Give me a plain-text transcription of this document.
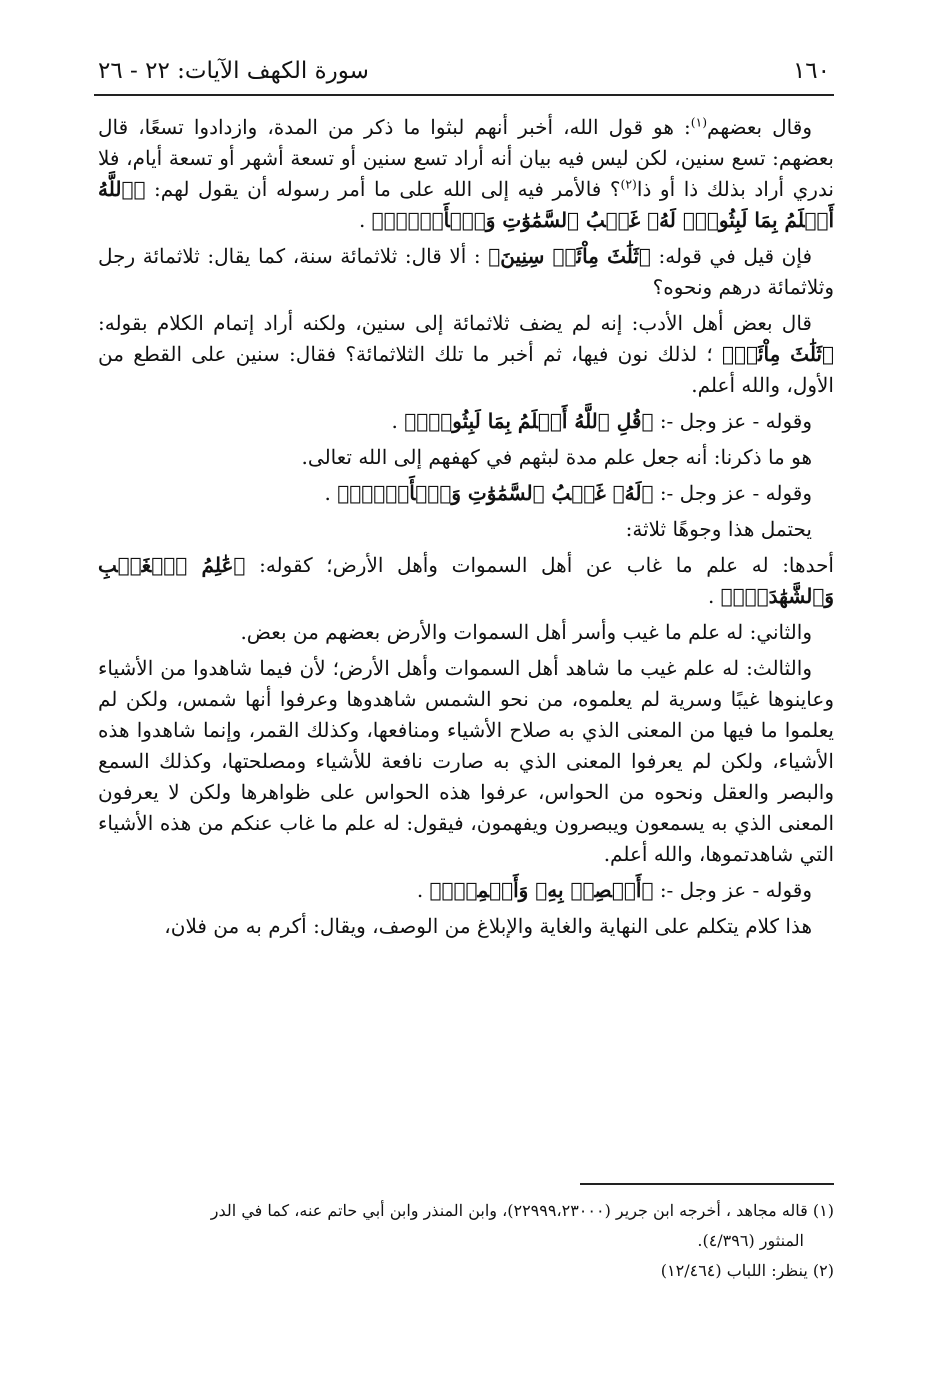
١٦٠
سورة الكهف الآيات: ٢٢ - ٢٦

وقال بعضهم$^{(١)}$: هو قول الله، أخبر أنهم لبثوا ما ذكر من المدة، وازدادوا تسعًا، قال بعضهم: تسع سنين، لكن ليس فيه بيان أنه أراد تسع سنين أو تسعة أشهر أو تسعة أيام، فلا ندري أراد بذلك ذا أو ذا$^{(٢)}$؟ فالأمر فيه إلى الله على ما أمر رسوله أن يقول لهم: ﴿ٱللَّهُ أَعۡلَمُ بِمَا لَبِثُواْۖ لَهُۥ غَيۡبُ ٱلسَّمَٰوَٰتِ وَٱلۡأَرۡضِۖ﴾ .

فإن قيل في قوله: ﴿ثَلَٰثَ مِاْئَةٖ سِنِينَ﴾ : ألا قال: ثلاثمائة سنة، كما يقال: ثلاثمائة رجل وثلاثمائة درهم ونحوه؟

قال بعض أهل الأدب: إنه لم يضف ثلاثمائة إلى سنين، ولكنه أراد إتمام الكلام بقوله: ﴿ثَلَٰثَ مِاْئَةٖ﴾ ؛ لذلك نون فيها، ثم أخبر ما تلك الثلاثمائة؟ فقال: سنين على القطع من الأول، والله أعلم.

وقوله - عز وجل -: ﴿قُلِ ٱللَّهُ أَعۡلَمُ بِمَا لَبِثُواْۖ﴾ .

هو ما ذكرنا: أنه جعل علم مدة لبثهم في كهفهم إلى الله تعالى.

وقوله - عز وجل -: ﴿لَهُۥ غَيۡبُ ٱلسَّمَٰوَٰتِ وَٱلۡأَرۡضِۖ﴾ .

يحتمل هذا وجوهًا ثلاثة:

أحدها: له علم ما غاب عن أهل السموات وأهل الأرض؛ كقوله: ﴿عَٰلِمُ ٱلۡغَيۡبِ وَٱلشَّهَٰدَةِۚ﴾ .

والثاني: له علم ما غيب وأسر أهل السموات والأرض بعضهم من بعض.

والثالث: له علم غيب ما شاهد أهل السموات وأهل الأرض؛ لأن فيما شاهدوا من الأشياء وعاينوها غيبًا وسرية لم يعلموه، من نحو الشمس شاهدوها وعرفوا أنها شمس، ولكن لم يعلموا ما فيها من المعنى الذي به صلاح الأشياء ومنافعها، وكذلك القمر، وإنما شاهدوا هذه الأشياء، ولكن لم يعرفوا المعنى الذي به صارت نافعة للأشياء ومصلحتها، وكذلك السمع والبصر والعقل ونحوه من الحواس، عرفوا هذه الحواس على ظواهرها ولكن لا يعرفون المعنى الذي به يسمعون ويبصرون ويفهمون، فيقول: له علم ما غاب عنكم من هذه الأشياء التي شاهدتموها، والله أعلم.

وقوله - عز وجل -: ﴿أَبۡصِرۡ بِهِۦ وَأَسۡمِعۡۚ﴾ .

هذا كلام يتكلم على النهاية والغاية والإبلاغ من الوصف، ويقال: أكرم به من فلان،

(١) قاله مجاهد ، أخرجه ابن جرير (٢٢٩٩٩،٢٣٠٠٠)، وابن المنذر وابن أبي حاتم عنه، كما في الدر

المنثور (٤/٣٩٦).

(٢) ينظر: اللباب (١٢/٤٦٤)
